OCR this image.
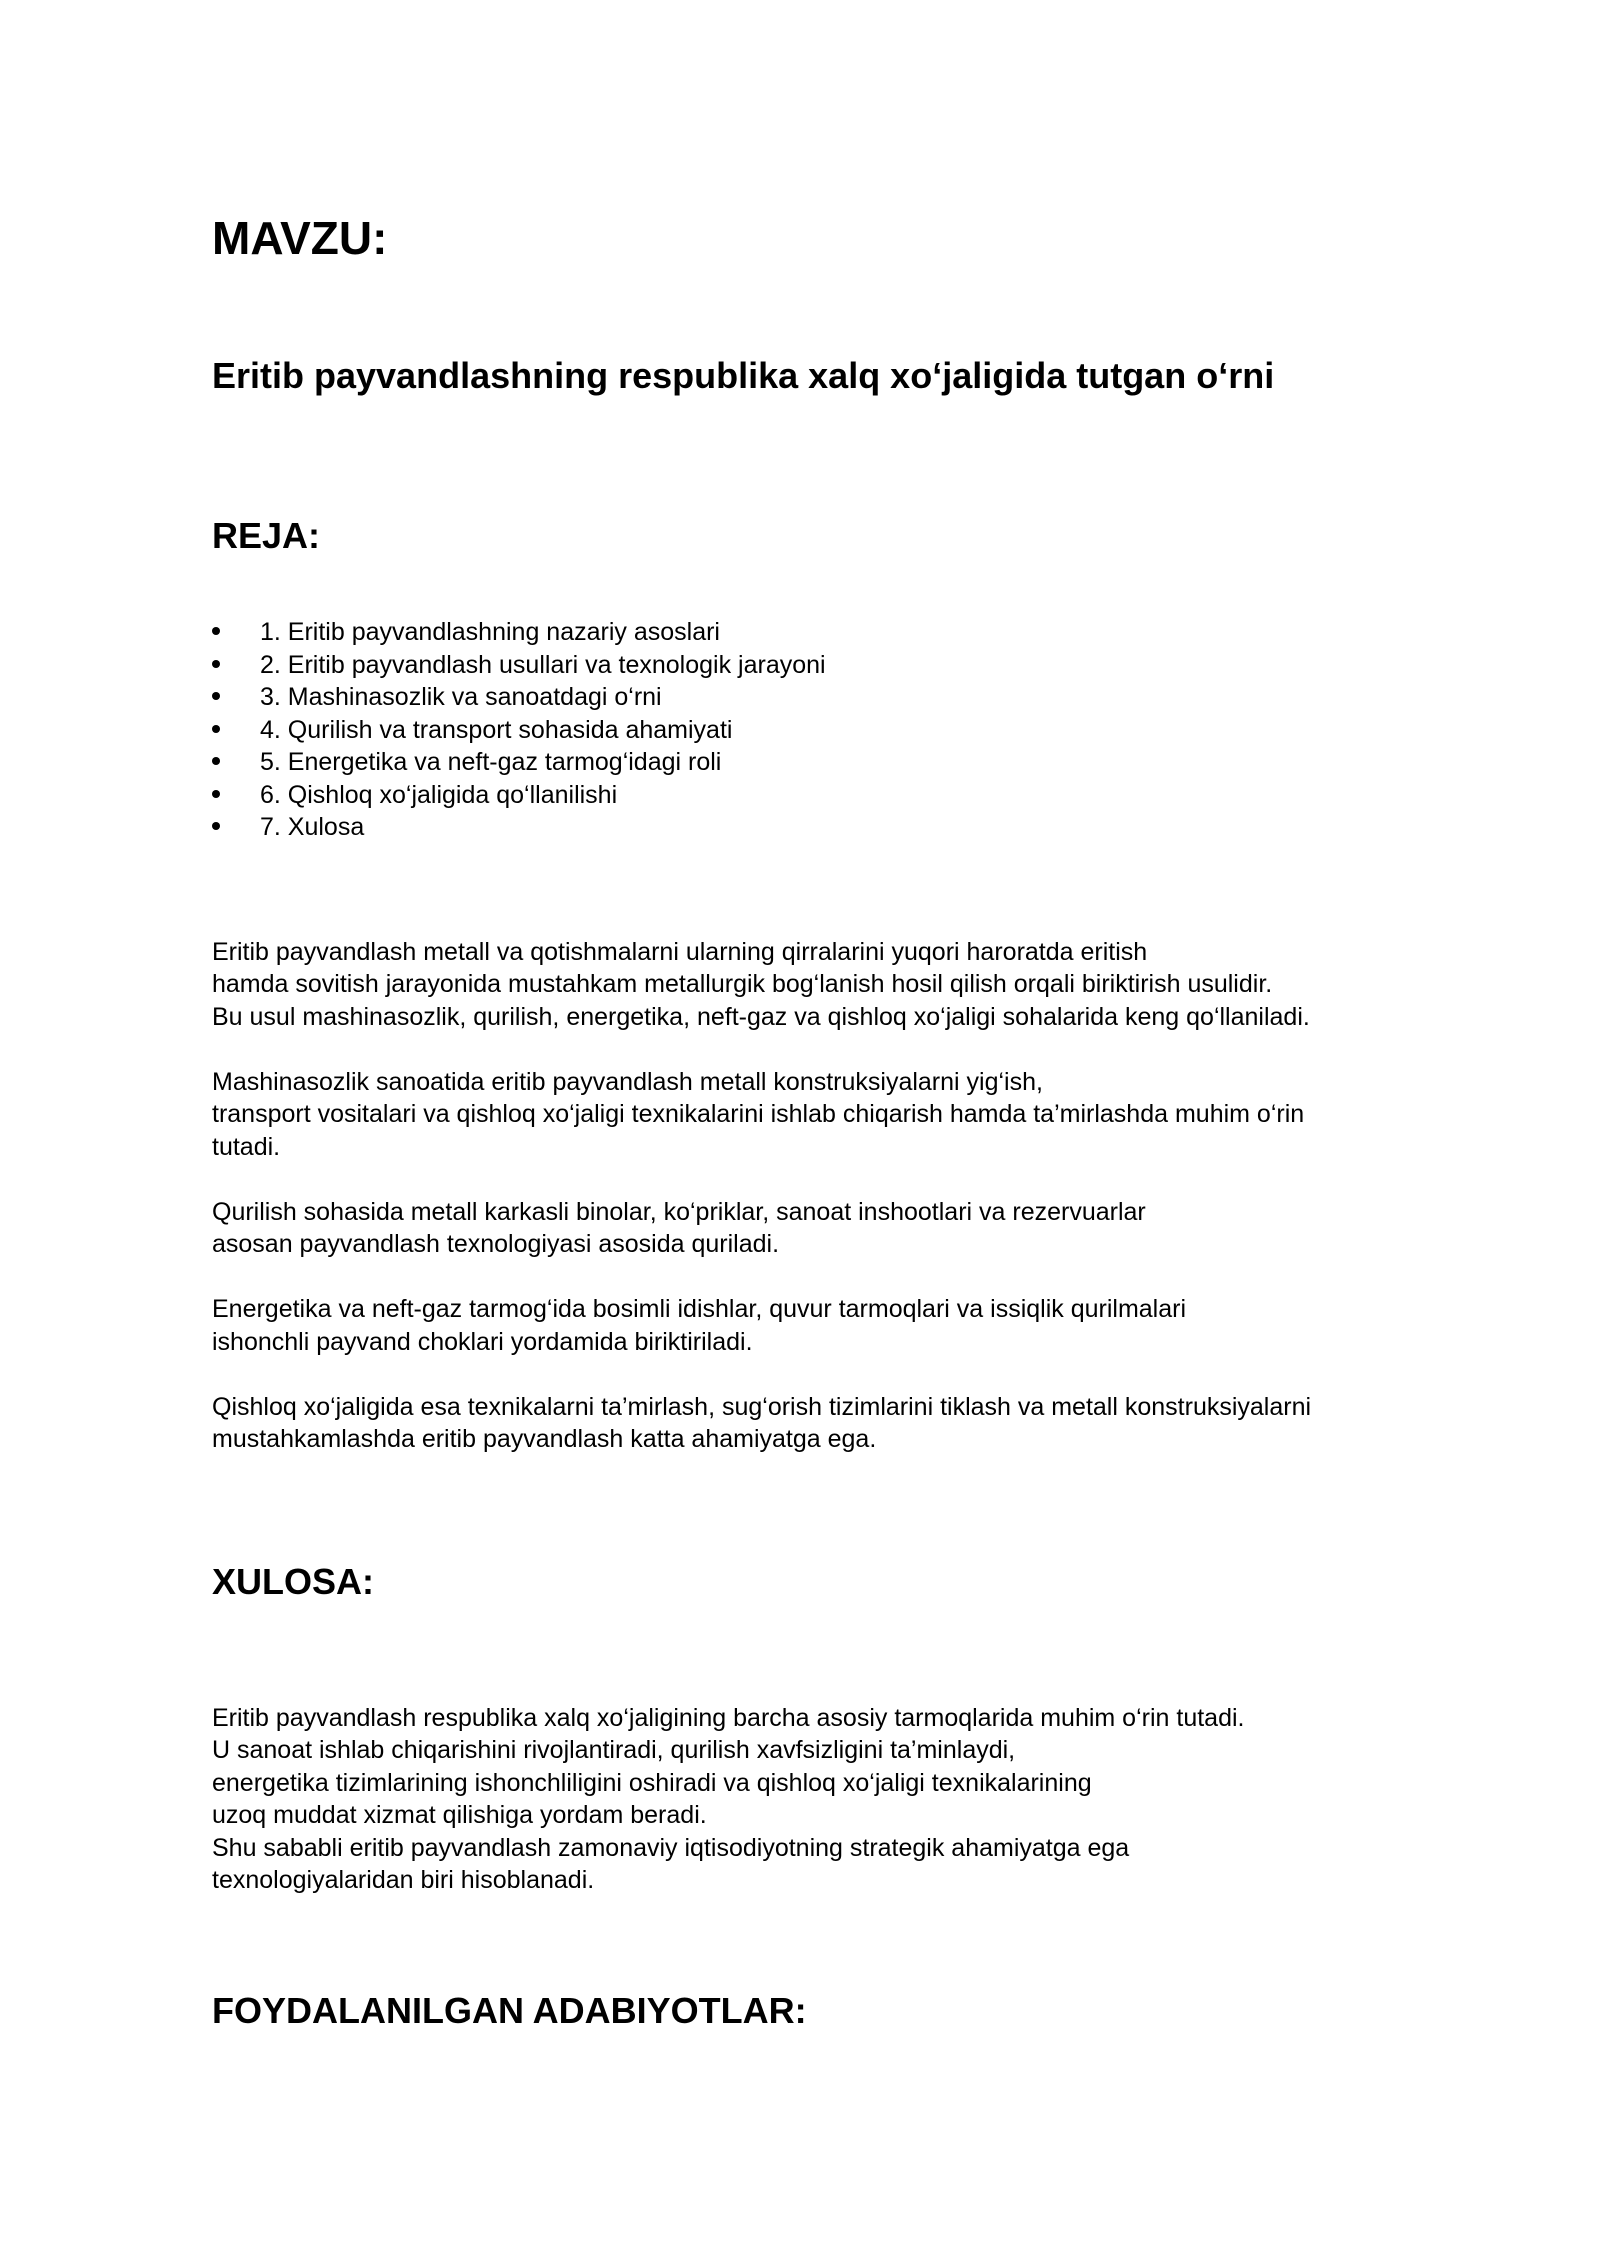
MAVZU:
Eritib payvandlashning respublika xalq xo‘jaligida tutgan o‘rni
REJA:
1. Eritib payvandlashning nazariy asoslari
2. Eritib payvandlash usullari va texnologik jarayoni
3. Mashinasozlik va sanoatdagi o‘rni
4. Qurilish va transport sohasida ahamiyati
5. Energetika va neft-gaz tarmog‘idagi roli
6. Qishloq xo‘jaligida qo‘llanilishi
7. Xulosa

Eritib payvandlash metall va qotishmalarni ularning qirralarini yuqori haroratda eritish
hamda sovitish jarayonida mustahkam metallurgik bog‘lanish hosil qilish orqali biriktirish usulidir.
Bu usul mashinasozlik, qurilish, energetika, neft-gaz va qishloq xo‘jaligi sohalarida keng qo‘llaniladi.

Mashinasozlik sanoatida eritib payvandlash metall konstruksiyalarni yig‘ish,
transport vositalari va qishloq xo‘jaligi texnikalarini ishlab chiqarish hamda ta’mirlashda muhim o‘rin
tutadi.

Qurilish sohasida metall karkasli binolar, ko‘priklar, sanoat inshootlari va rezervuarlar
asosan payvandlash texnologiyasi asosida quriladi.

Energetika va neft-gaz tarmog‘ida bosimli idishlar, quvur tarmoqlari va issiqlik qurilmalari
ishonchli payvand choklari yordamida biriktiriladi.

Qishloq xo‘jaligida esa texnikalarni ta’mirlash, sug‘orish tizimlarini tiklash va metall konstruksiyalarni
mustahkamlashda eritib payvandlash katta ahamiyatga ega.

XULOSA:

Eritib payvandlash respublika xalq xo‘jaligining barcha asosiy tarmoqlarida muhim o‘rin tutadi.
U sanoat ishlab chiqarishini rivojlantiradi, qurilish xavfsizligini ta’minlaydi,
energetika tizimlarining ishonchliligini oshiradi va qishloq xo‘jaligi texnikalarining
uzoq muddat xizmat qilishiga yordam beradi.
Shu sababli eritib payvandlash zamonaviy iqtisodiyotning strategik ahamiyatga ega
texnologiyalaridan biri hisoblanadi.

FOYDALANILGAN ADABIYOTLAR:
